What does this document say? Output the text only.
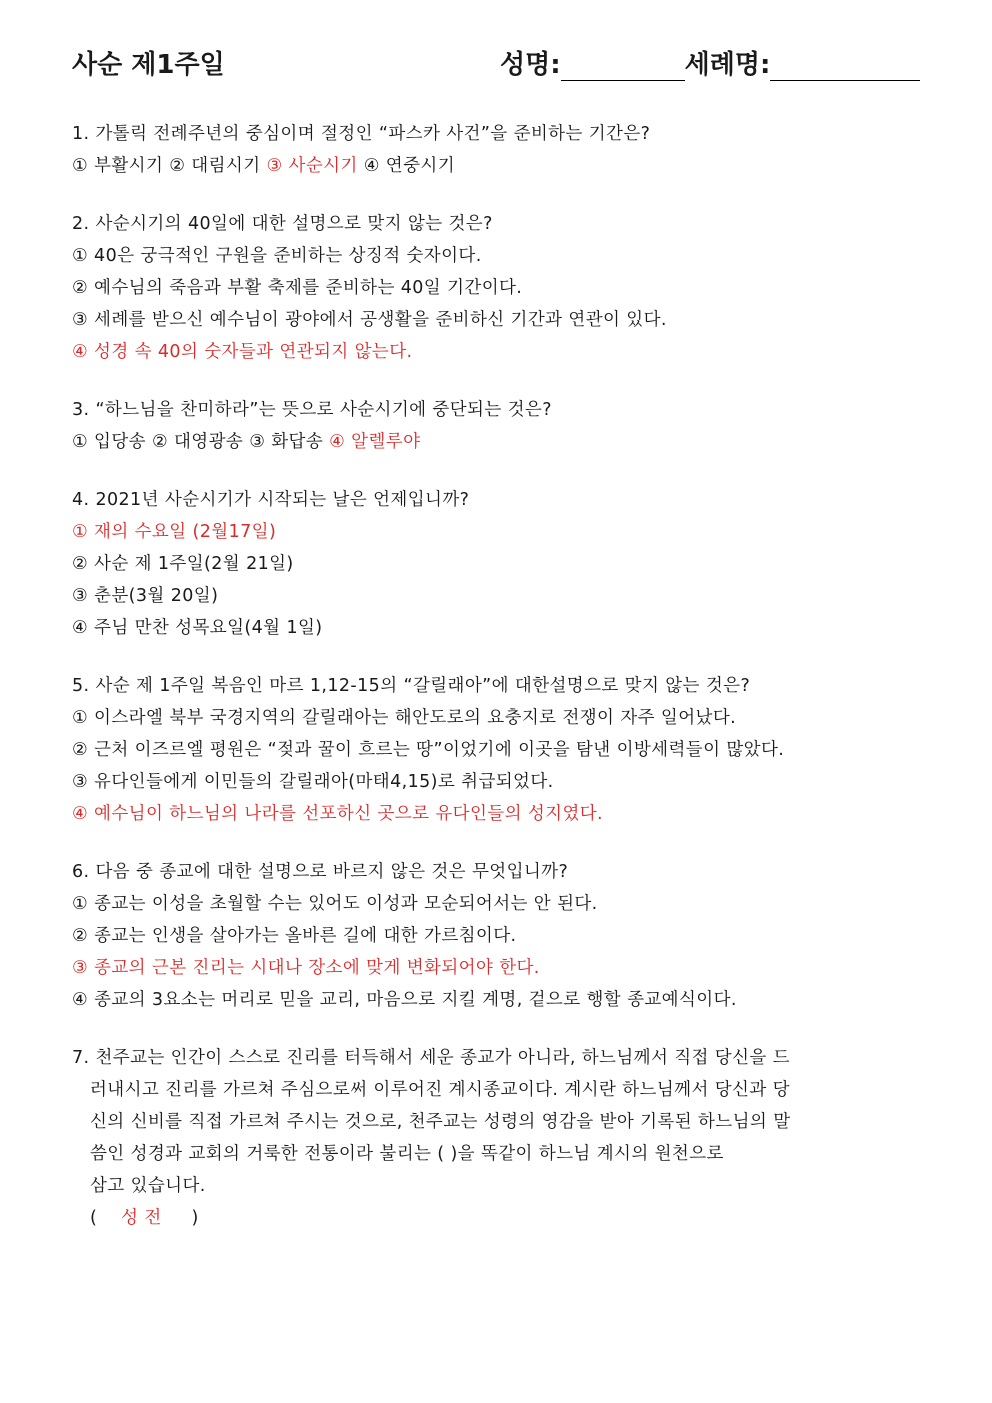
사순 제1주일	성명:	세례명:
1. 가톨릭 전례주년의 중심이며 절정인 “파스카 사건”을 준비하는 기간은?
① 부활시기 ② 대림시기 ③ 사순시기 ④ 연중시기
2. 사순시기의 40일에 대한 설명으로 맞지 않는 것은?
① 40은 궁극적인 구원을 준비하는 상징적 숫자이다.
② 예수님의 죽음과 부활 축제를 준비하는 40일 기간이다.
③ 세례를 받으신 예수님이 광야에서 공생활을 준비하신 기간과 연관이 있다.
④ 성경 속 40의 숫자들과 연관되지 않는다.
3. “하느님을 찬미하라”는 뜻으로 사순시기에 중단되는 것은?
① 입당송 ② 대영광송 ③ 화답송 ④ 알렐루야
4. 2021년 사순시기가 시작되는 날은 언제입니까?
① 재의 수요일 (2월17일)
② 사순 제 1주일(2월 21일)
③ 춘분(3월 20일)
④ 주님 만찬 성목요일(4월 1일)
5. 사순 제 1주일 복음인 마르 1,12-15의 “갈릴래아”에 대한설명으로 맞지 않는 것은?
① 이스라엘 북부 국경지역의 갈릴래아는 해안도로의 요충지로 전쟁이 자주 일어났다.
② 근처 이즈르엘 평원은 “젖과 꿀이 흐르는 땅”이었기에 이곳을 탐낸 이방세력들이 많았다.
③ 유다인들에게 이민들의 갈릴래아(마태4,15)로 취급되었다.
④ 예수님이 하느님의 나라를 선포하신 곳으로 유다인들의 성지였다.
6. 다음 중 종교에 대한 설명으로 바르지 않은 것은 무엇입니까?
① 종교는 이성을 초월할 수는 있어도 이성과 모순되어서는 안 된다.
② 종교는 인생을 살아가는 올바른 길에 대한 가르침이다.
③ 종교의 근본 진리는 시대나 장소에 맞게 변화되어야 한다.
④ 종교의 3요소는 머리로 믿을 교리, 마음으로 지킬 계명, 겉으로 행할 종교예식이다.
7. 천주교는 인간이 스스로 진리를 터득해서 세운 종교가 아니라, 하느님께서 직접 당신을 드
러내시고 진리를 가르쳐 주심으로써 이루어진 계시종교이다. 계시란 하느님께서 당신과 당
신의 신비를 직접 가르쳐 주시는 것으로, 천주교는 성령의 영감을 받아 기록된 하느님의 말
씀인 성경과 교회의 거룩한 전통이라 불리는 ( )을 똑같이 하느님 계시의 원천으로
삼고 있습니다.
(    성 전     )
